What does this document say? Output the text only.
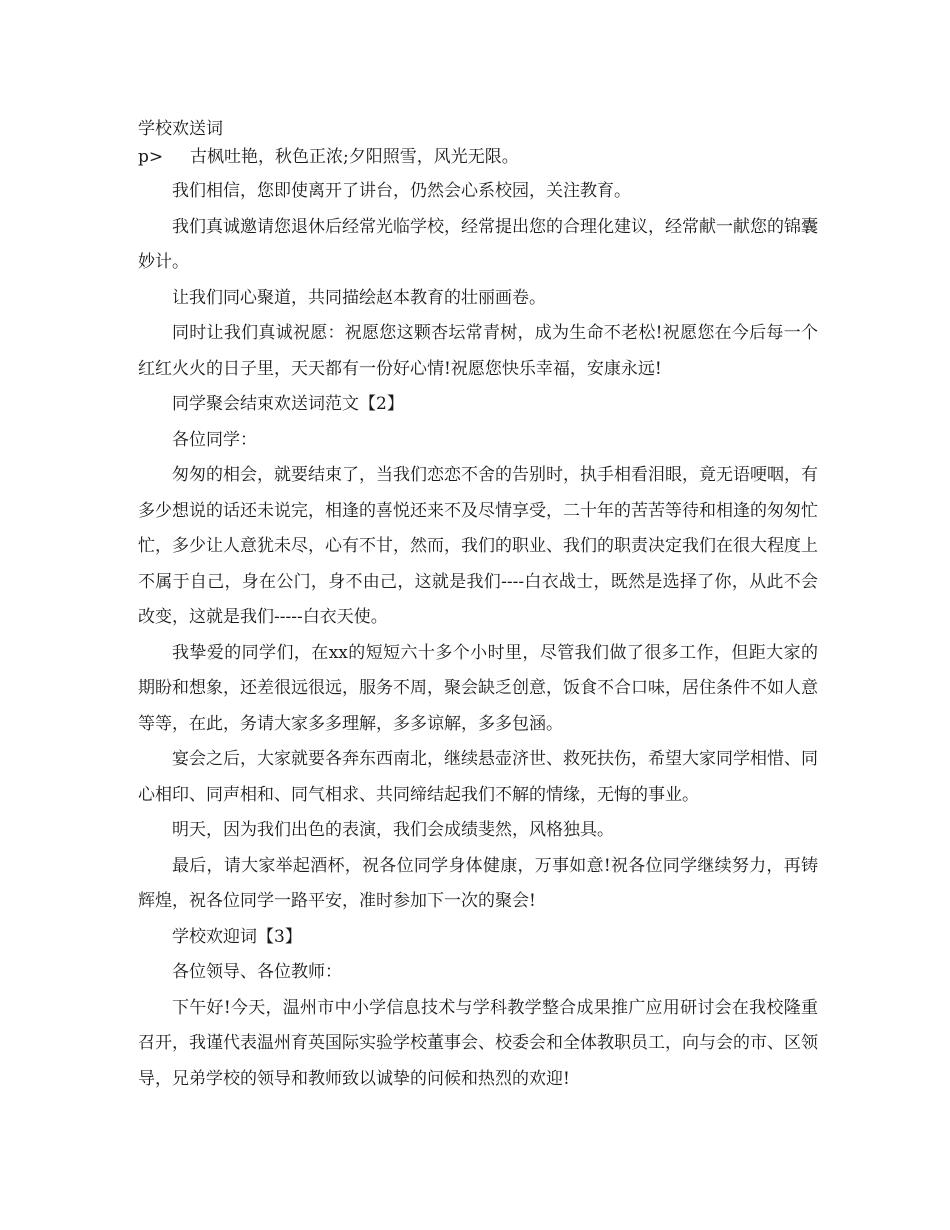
学校欢送词

p> 古枫吐艳，秋色正浓;夕阳照雪，风光无限。

我们相信，您即使离开了讲台，仍然会心系校园，关注教育。

我们真诚邀请您退休后经常光临学校，经常提出您的合理化建议，经常献一献您的锦囊妙计。

让我们同心聚道，共同描绘赵本教育的壮丽画卷。

同时让我们真诚祝愿：祝愿您这颗杏坛常青树，成为生命不老松!祝愿您在今后每一个红红火火的日子里，天天都有一份好心情!祝愿您快乐幸福，安康永远!

同学聚会结束欢送词范文【2】

各位同学：

匆匆的相会，就要结束了，当我们恋恋不舍的告别时，执手相看泪眼，竟无语哽咽，有多少想说的话还未说完，相逢的喜悦还来不及尽情享受，二十年的苦苦等待和相逢的匆匆忙忙，多少让人意犹未尽，心有不甘，然而，我们的职业、我们的职责决定我们在很大程度上不属于自己，身在公门，身不由己，这就是我们----白衣战士，既然是选择了你，从此不会改变，这就是我们-----白衣天使。

我挚爱的同学们，在xx的短短六十多个小时里，尽管我们做了很多工作，但距大家的期盼和想象，还差很远很远，服务不周，聚会缺乏创意，饭食不合口味，居住条件不如人意等等，在此，务请大家多多理解，多多谅解，多多包涵。

宴会之后，大家就要各奔东西南北，继续悬壶济世、救死扶伤，希望大家同学相惜、同心相印、同声相和、同气相求、共同缔结起我们不解的情缘，无悔的事业。

明天，因为我们出色的表演，我们会成绩斐然，风格独具。

最后，请大家举起酒杯，祝各位同学身体健康，万事如意!祝各位同学继续努力，再铸辉煌，祝各位同学一路平安，准时参加下一次的聚会!

学校欢迎词【3】

各位领导、各位教师：

下午好!今天，温州市中小学信息技术与学科教学整合成果推广应用研讨会在我校隆重召开，我谨代表温州育英国际实验学校董事会、校委会和全体教职员工，向与会的市、区领导，兄弟学校的领导和教师致以诚挚的问候和热烈的欢迎!
